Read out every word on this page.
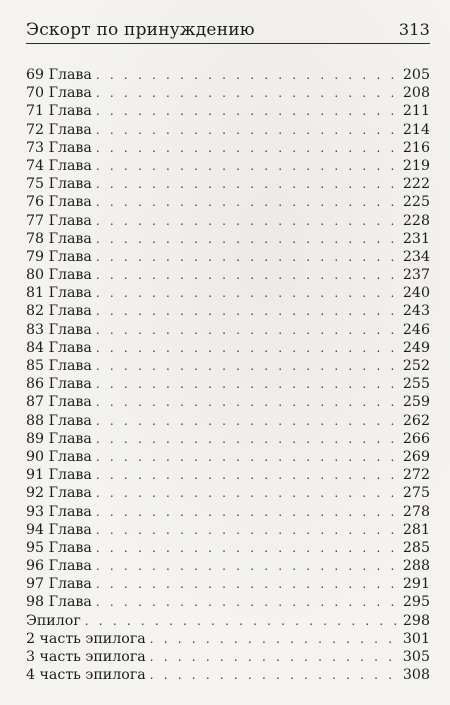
Эскорт по принуждению	313
69 Глава . . .	205
70 Глава . . .	208
71 Глава . . .	211
72 Глава . . .	214
73 Глава . . .	216
74 Глава . . .	219
75 Глава . . .	222
76 Глава . . .	225
77 Глава . . .	228
78 Глава . . .	231
79 Глава . . .	234
80 Глава . . .	237
81 Глава . . .	240
82 Глава . . .	243
83 Глава . . .	246
84 Глава . . .	249
85 Глава . . .	252
86 Глава . . .	255
87 Глава . . .	259
88 Глава . . .	262
89 Глава . . .	266
90 Глава . . .	269
91 Глава . . .	272
92 Глава . . .	275
93 Глава . . .	278
94 Глава . . .	281
95 Глава . . .	285
96 Глава . . .	288
97 Глава . . .	291
98 Глава . . .	295
Эпилог . . .	298
2 часть эпилога . . .	301
3 часть эпилога . . .	305
4 часть эпилога . . .	308
